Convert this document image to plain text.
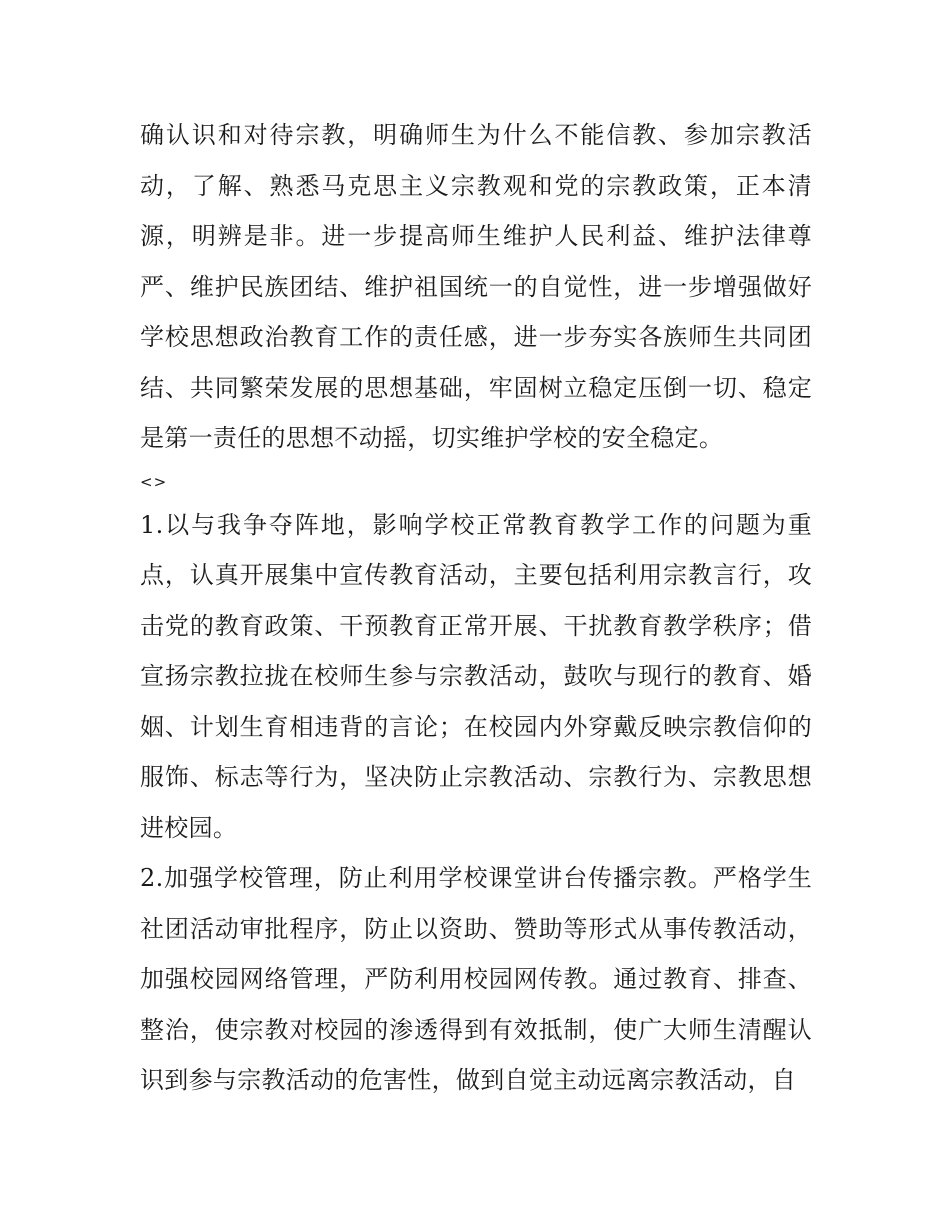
确认识和对待宗教，明确师生为什么不能信教、参加宗教活动，了解、熟悉马克思主义宗教观和党的宗教政策，正本清源，明辨是非。进一步提高师生维护人民利益、维护法律尊严、维护民族团结、维护祖国统一的自觉性，进一步增强做好学校思想政治教育工作的责任感，进一步夯实各族师生共同团结、共同繁荣发展的思想基础，牢固树立稳定压倒一切、稳定是第一责任的思想不动摇，切实维护学校的安全稳定。

<>

1.以与我争夺阵地，影响学校正常教育教学工作的问题为重点，认真开展集中宣传教育活动，主要包括利用宗教言行，攻击党的教育政策、干预教育正常开展、干扰教育教学秩序；借宣扬宗教拉拢在校师生参与宗教活动，鼓吹与现行的教育、婚姻、计划生育相违背的言论；在校园内外穿戴反映宗教信仰的服饰、标志等行为，坚决防止宗教活动、宗教行为、宗教思想进校园。

2.加强学校管理，防止利用学校课堂讲台传播宗教。严格学生社团活动审批程序，防止以资助、赞助等形式从事传教活动，加强校园网络管理，严防利用校园网传教。通过教育、排查、整治，使宗教对校园的渗透得到有效抵制，使广大师生清醒认识到参与宗教活动的危害性，做到自觉主动远离宗教活动，自
